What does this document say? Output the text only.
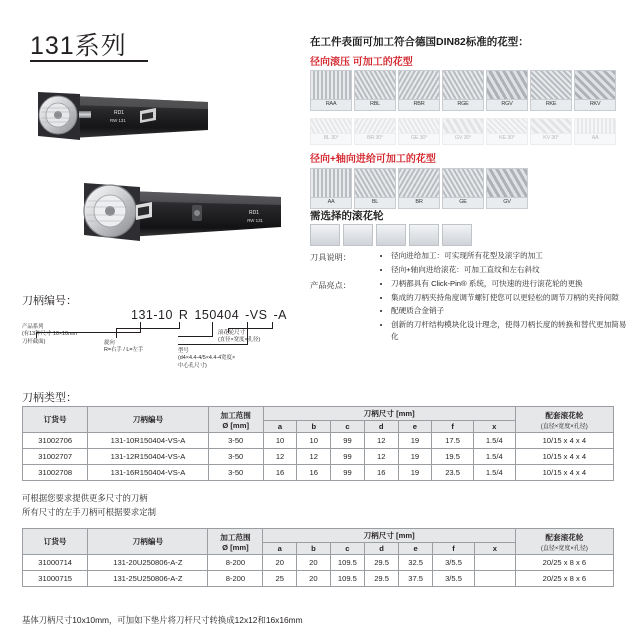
131系列
RD1
RW 131
RD1
RW 131
刀柄编号：
131-10 R 150404 -VS -A
产品系列
(有13种尺寸 10×10mm
刀杆截面)	旋向
R=右手 / L=左手
滚花轮尺寸
(直径×宽度×孔径)
型号
(d4×4.4-4/5×4.4-4宽度×
中心孔尺寸)
在工件表面可加工符合德国DIN82标准的花型：
径向滚压 可加工的花型
RAA	RBL	RBR	RGE	RGV	RKE	RKV
BL 30°	BR 30°	GE 30°	GV 30°	KE 30°	KV 30°	AA
径向+轴向进给可加工的花型
AA	BL	BR	GE	GV
需选择的滚花轮
刀具说明：	• 径向进给加工：可实现所有花型及滚字的加工
• 径向+轴向进给滚花：可加工直纹和左右斜纹
产品亮点：	• 刀柄都具有 Click-Pin® 系统，可快速的进行滚花轮的更换
• 集成的刀柄夹持角度调节螺钉使您可以更轻松的调节刀柄的夹持间隙
• 配硬质合金销子
• 创新的刀杆结构模块化设计理念，使得刀柄长度的转换和替代更加简易化
刀柄类型：
订货号	刀柄编号	加工范围
Ø [mm]	刀柄尺寸 [mm]							配套滚花轮
(直径×宽度×孔径)
			a	b	c	d	e	f	x	
31002706	131-10R150404-VS-A	3-50	10	10	99	12	19	17.5	1.5/4	10/15 x 4 x 4
31002707	131-12R150404-VS-A	3-50	12	12	99	12	19	19.5	1.5/4	10/15 x 4 x 4
31002708	131-16R150404-VS-A	3-50	16	16	99	16	19	23.5	1.5/4	10/15 x 4 x 4
可根据您要求提供更多尺寸的刀柄
所有尺寸的左手刀柄可根据要求定制
订货号	刀柄编号	加工范围
Ø [mm]	刀柄尺寸 [mm]							配套滚花轮
(直径×宽度×孔径)
			a	b	c	d	e	f	x	
31000714	131-20U250806-A-Z	8-200	20	20	109.5	29.5	32.5	3/5.5		20/25 x 8 x 6
31000715	131-25U250806-A-Z	8-200	25	20	109.5	29.5	37.5	3/5.5		20/25 x 8 x 6
基体刀柄尺寸10x10mm，可加如下垫片将刀杆尺寸转换成12x12和16x16mm
